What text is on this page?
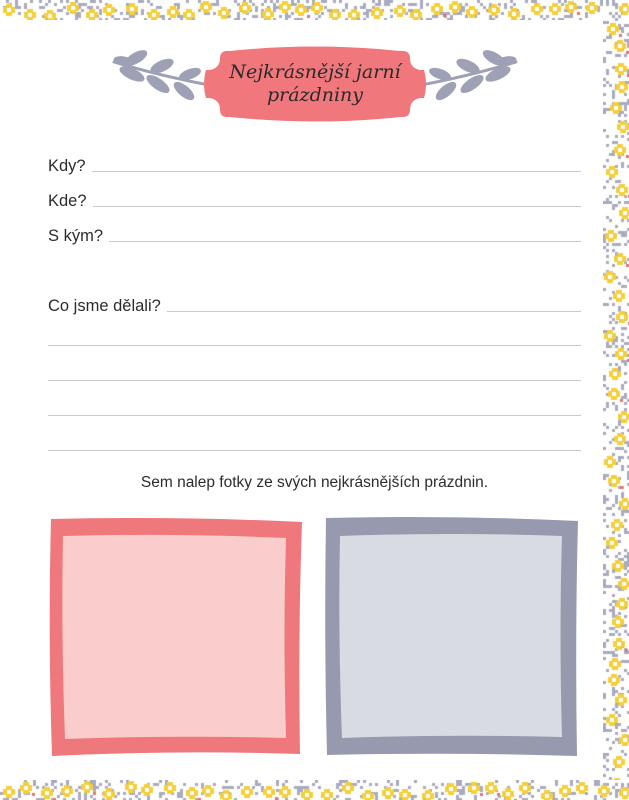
Nejkrásnější jarní prázdniny
Kdy?
Kde?
S kým?
Co jsme dělali?
Sem nalep fotky ze svých nejkrásnějších prázdnin.
